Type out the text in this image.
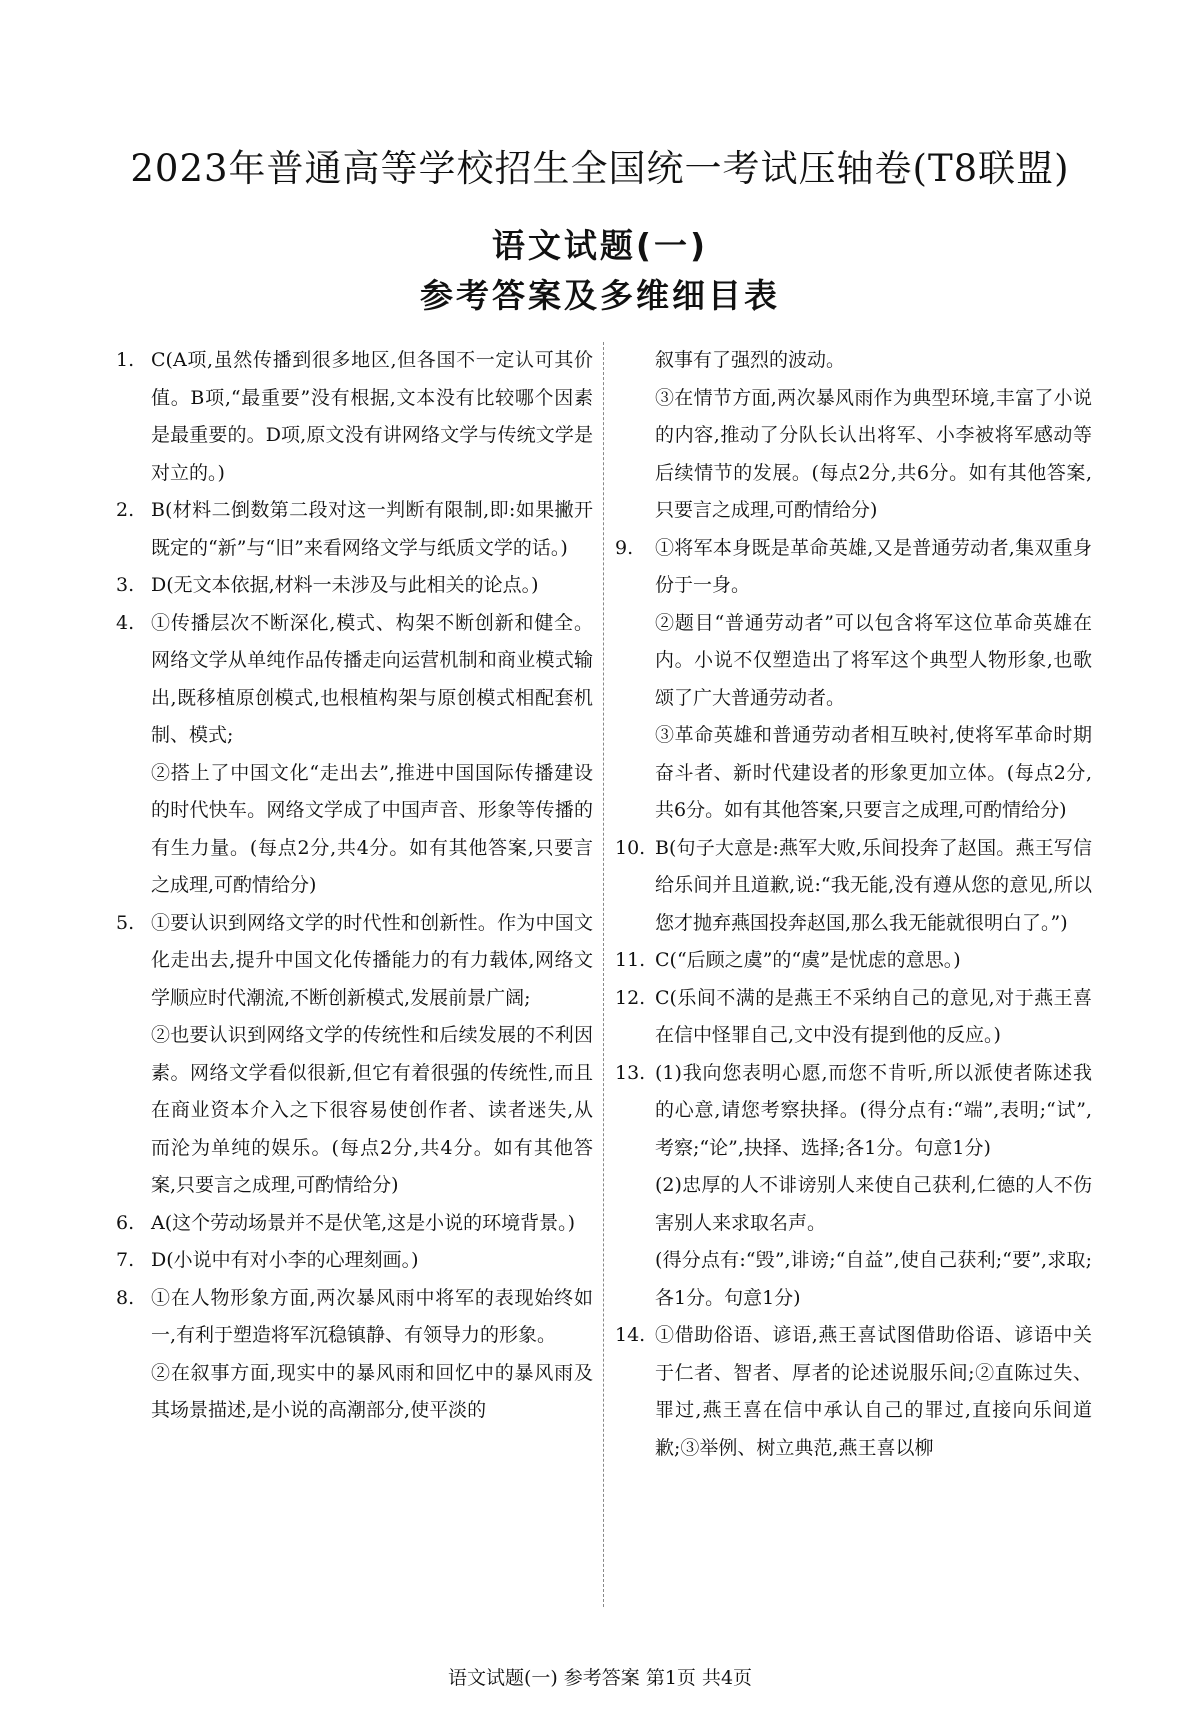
2023年普通高等学校招生全国统一考试压轴卷(T8联盟)
语文试题(一)
参考答案及多维细目表
1. C(A项,虽然传播到很多地区,但各国不一定认可其价值。B项,“最重要”没有根据,文本没有比较哪个因素是最重要的。D项,原文没有讲网络文学与传统文学是对立的。)
2. B(材料二倒数第二段对这一判断有限制,即:如果撇开既定的“新”与“旧”来看网络文学与纸质文学的话。)
3. D(无文本依据,材料一未涉及与此相关的论点。)
4. ①传播层次不断深化,模式、构架不断创新和健全。网络文学从单纯作品传播走向运营机制和商业模式输出,既移植原创模式,也根植构架与原创模式相配套机制、模式;
②搭上了中国文化“走出去”,推进中国国际传播建设的时代快车。网络文学成了中国声音、形象等传播的有生力量。(每点2分,共4分。如有其他答案,只要言之成理,可酌情给分)
5. ①要认识到网络文学的时代性和创新性。作为中国文化走出去,提升中国文化传播能力的有力载体,网络文学顺应时代潮流,不断创新模式,发展前景广阔;
②也要认识到网络文学的传统性和后续发展的不利因素。网络文学看似很新,但它有着很强的传统性,而且在商业资本介入之下很容易使创作者、读者迷失,从而沦为单纯的娱乐。(每点2分,共4分。如有其他答案,只要言之成理,可酌情给分)
6. A(这个劳动场景并不是伏笔,这是小说的环境背景。)
7. D(小说中有对小李的心理刻画。)
8. ①在人物形象方面,两次暴风雨中将军的表现始终如一,有利于塑造将军沉稳镇静、有领导力的形象。
②在叙事方面,现实中的暴风雨和回忆中的暴风雨及其场景描述,是小说的高潮部分,使平淡的
叙事有了强烈的波动。
③在情节方面,两次暴风雨作为典型环境,丰富了小说的内容,推动了分队长认出将军、小李被将军感动等后续情节的发展。(每点2分,共6分。如有其他答案,只要言之成理,可酌情给分)
9. ①将军本身既是革命英雄,又是普通劳动者,集双重身份于一身。
②题目“普通劳动者”可以包含将军这位革命英雄在内。小说不仅塑造出了将军这个典型人物形象,也歌颂了广大普通劳动者。
③革命英雄和普通劳动者相互映衬,使将军革命时期奋斗者、新时代建设者的形象更加立体。(每点2分,共6分。如有其他答案,只要言之成理,可酌情给分)
10. B(句子大意是:燕军大败,乐间投奔了赵国。燕王写信给乐间并且道歉,说:“我无能,没有遵从您的意见,所以您才抛弃燕国投奔赵国,那么我无能就很明白了。”)
11. C(“后顾之虞”的“虞”是忧虑的意思。)
12. C(乐间不满的是燕王不采纳自己的意见,对于燕王喜在信中怪罪自己,文中没有提到他的反应。)
13. (1)我向您表明心愿,而您不肯听,所以派使者陈述我的心意,请您考察抉择。(得分点有:“端”,表明;“试”,考察;“论”,抉择、选择;各1分。句意1分)
(2)忠厚的人不诽谤别人来使自己获利,仁德的人不伤害别人来求取名声。
(得分点有:“毁”,诽谤;“自益”,使自己获利;“要”,求取;各1分。句意1分)
14. ①借助俗语、谚语,燕王喜试图借助俗语、谚语中关于仁者、智者、厚者的论述说服乐间;②直陈过失、罪过,燕王喜在信中承认自己的罪过,直接向乐间道歉;③举例、树立典范,燕王喜以柳
语文试题(一) 参考答案 第1页 共4页
